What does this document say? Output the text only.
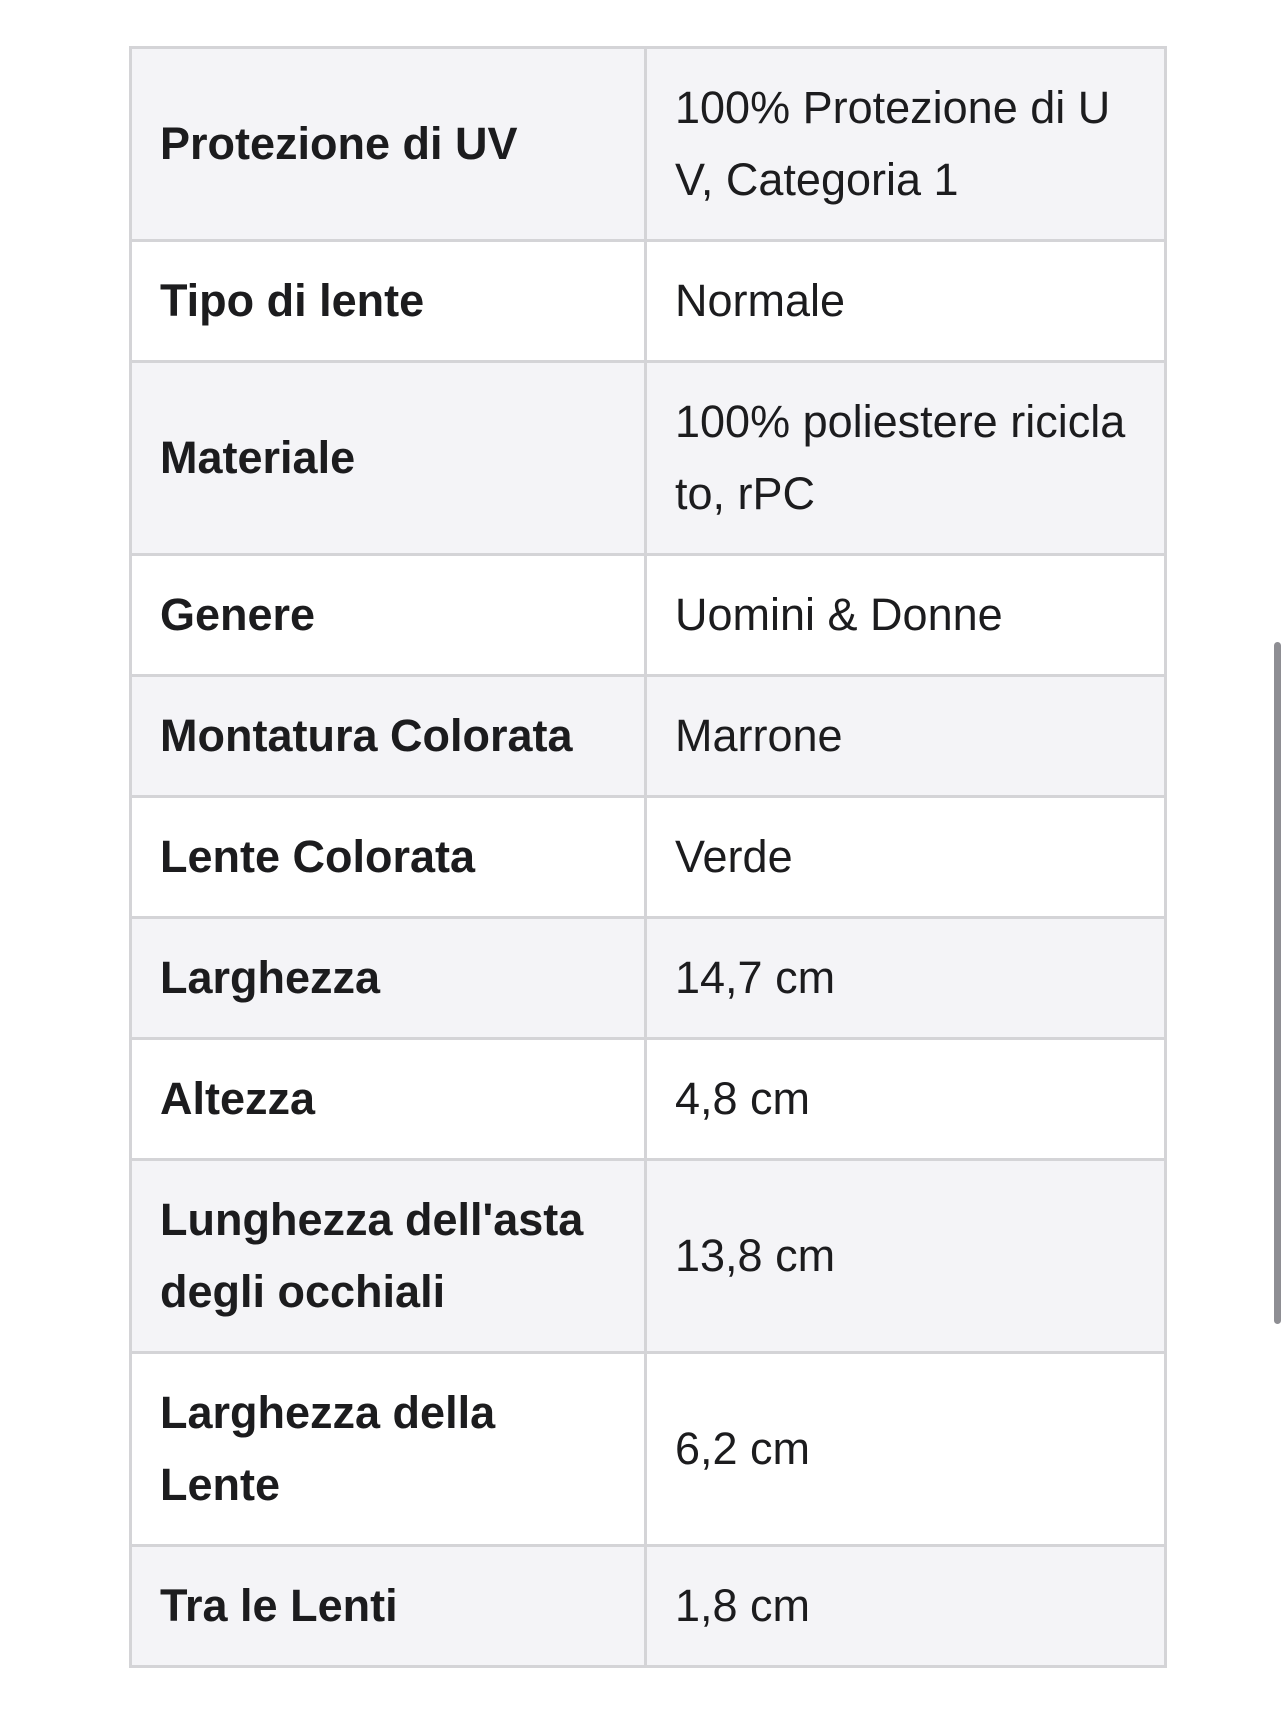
Protezione di UV	100% Protezione di UV, Categoria 1
Tipo di lente	Normale
Materiale	100% poliestere riciclato, rPC
Genere	Uomini & Donne
Montatura Colorata	Marrone
Lente Colorata	Verde
Larghezza	14,7 cm
Altezza	4,8 cm
Lunghezza dell'asta degli occhiali	13,8 cm
Larghezza della Lente	6,2 cm
Tra le Lenti	1,8 cm
